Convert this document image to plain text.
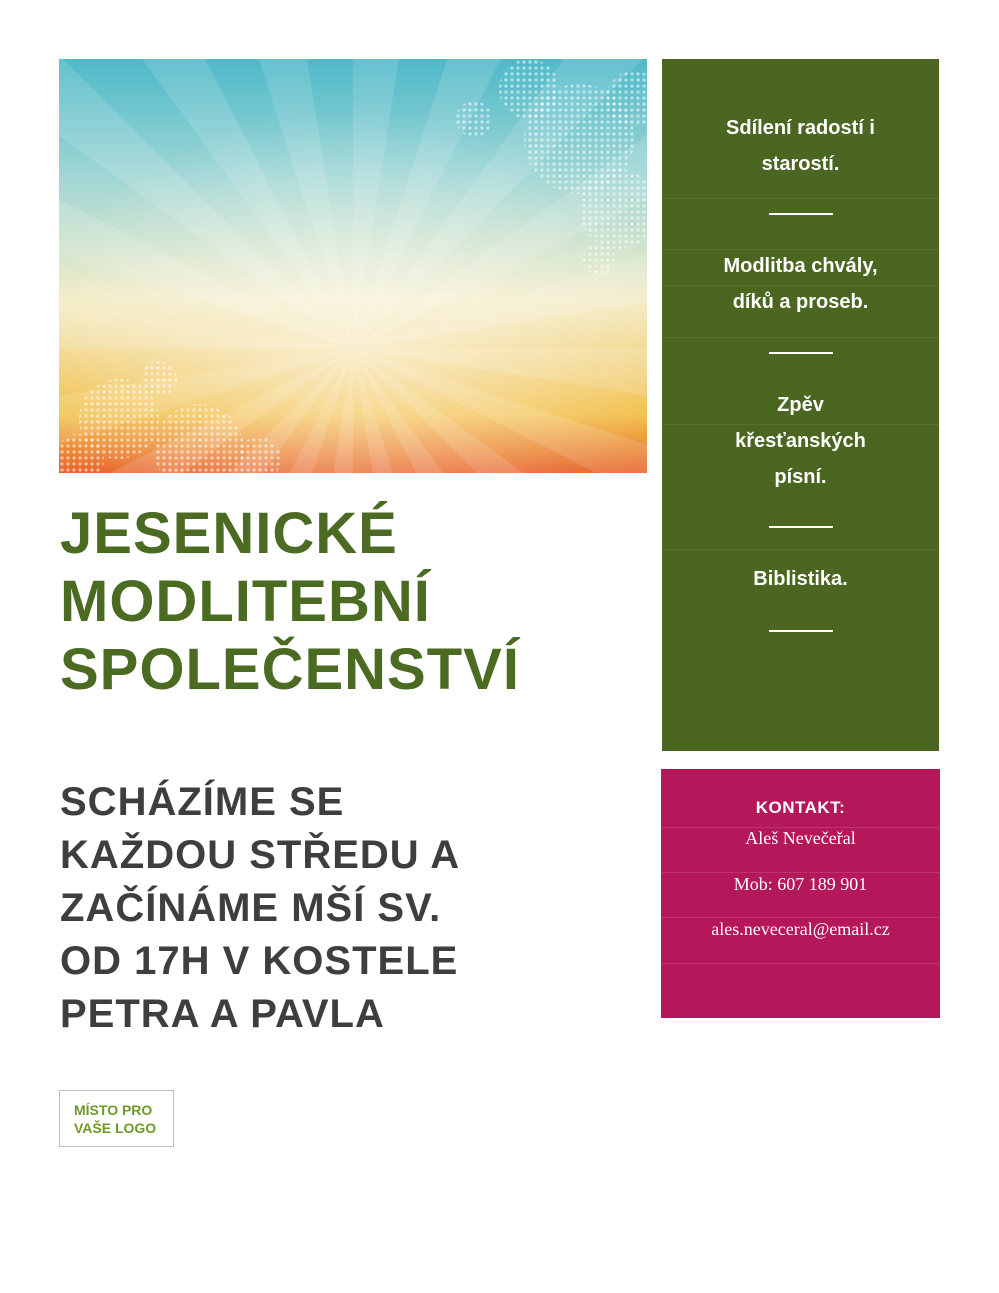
JESENICKÉ
MODLITEBNÍ
SPOLEČENSTVÍ
SCHÁZÍME SE
KAŽDOU STŘEDU A
ZAČÍNÁME MŠÍ SV.
OD 17H V KOSTELE
PETRA A PAVLA
MÍSTO PRO
VAŠE LOGO
Sdílení radostí i
starostí.
Modlitba chvály,
díků a proseb.
Zpěv
křesťanských
písní.
Biblistika.
KONTAKT:
Aleš Nevečeřal
Mob: 607 189 901
ales.neveceral@email.cz
